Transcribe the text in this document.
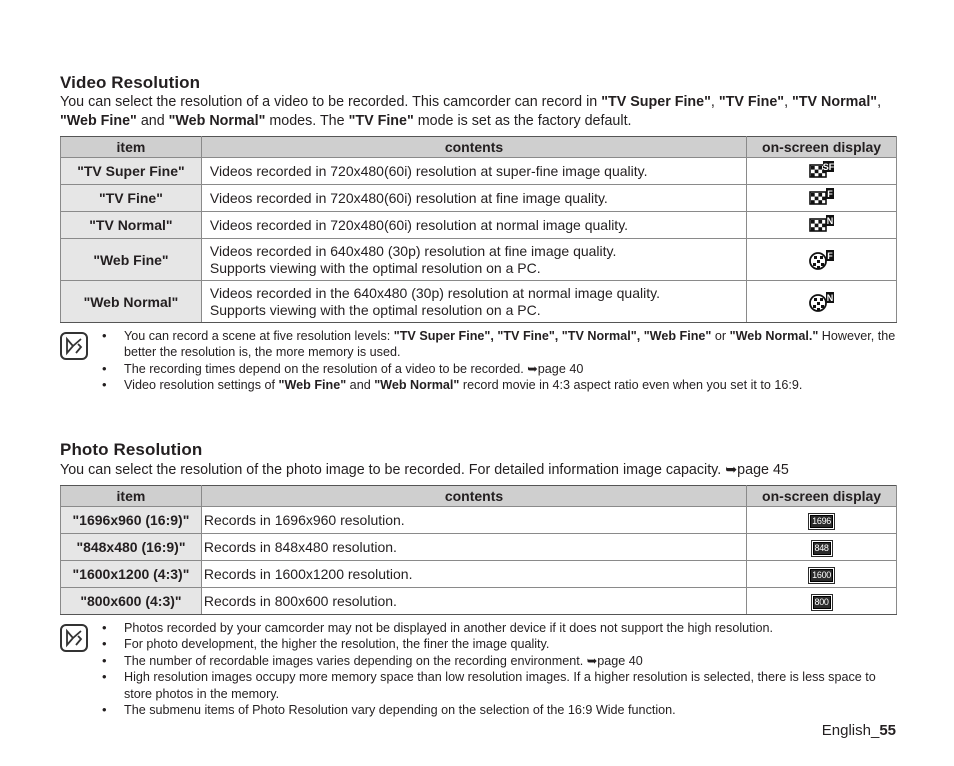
Video Resolution
You can select the resolution of a video to be recorded. This camcorder can record in "TV Super Fine", "TV Fine", "TV Normal", "Web Fine" and "Web Normal" modes. The "TV Fine" mode is set as the factory default.
item	contents	on-screen display
"TV Super Fine"	Videos recorded in 720x480(60i) resolution at super-fine image quality.	SF

"TV Fine"	Videos recorded in 720x480(60i) resolution at fine image quality.	F

"TV Normal"	Videos recorded in 720x480(60i) resolution at normal image quality.	N

"Web Fine"	Videos recorded in 640x480 (30p) resolution at fine image quality.
Supports viewing with the optimal resolution on a PC.	F

"Web Normal"	Videos recorded in the 640x480 (30p) resolution at normal image quality.
Supports viewing with the optimal resolution on a PC.	N
• You can record a scene at five resolution levels: "TV Super Fine", "TV Fine", "TV Normal", "Web Fine" or "Web Normal." However, the better the resolution is, the more memory is used.
• The recording times depend on the resolution of a video to be recorded. ➥page 40
• Video resolution settings of "Web Fine" and "Web Normal" record movie in 4:3 aspect ratio even when you set it to 16:9.
Photo Resolution
You can select the resolution of the photo image to be recorded. For detailed information image capacity. ➥page 45
item	contents	on-screen display
"1696x960 (16:9)"	Records in 1696x960 resolution.	1696
"848x480 (16:9)"	Records in 848x480 resolution.	848
"1600x1200 (4:3)"	Records in 1600x1200 resolution.	1600
"800x600 (4:3)"	Records in 800x600 resolution.	800
• Photos recorded by your camcorder may not be displayed in another device if it does not support the high resolution.
• For photo development, the higher the resolution, the finer the image quality.
• The number of recordable images varies depending on the recording environment. ➥page 40
• High resolution images occupy more memory space than low resolution images. If a higher resolution is selected, there is less space to store photos in the memory.
• The submenu items of Photo Resolution vary depending on the selection of the 16:9 Wide function.
English_55
